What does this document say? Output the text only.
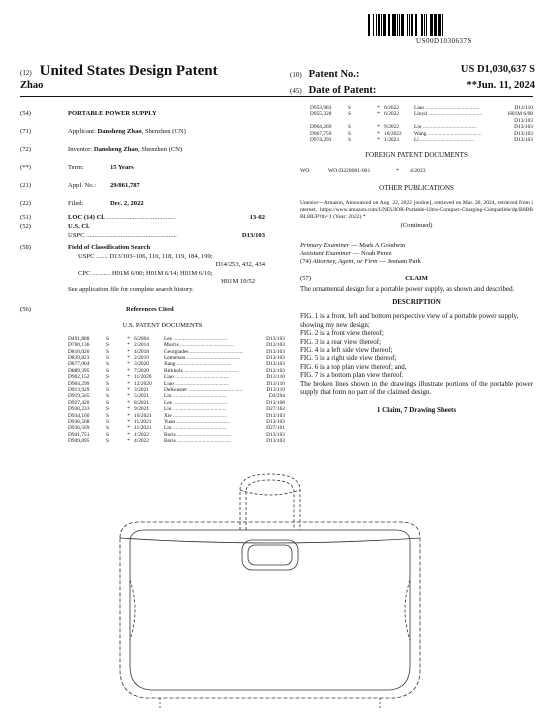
US00D1030637S
(12) United States Design Patent
Zhao
(10) Patent No.:	US D1,030,637 S
(45) Date of Patent:	** Jun. 11, 2024
(54)	PORTABLE POWER SUPPLY
(71)	Applicant: Dansheng Zhao, Shenzhen (CN)
(72)	Inventor: Dansheng Zhao, Shenzhen (CN)
(**)	Term:	15 Years
(21)	Appl. No.: 29/861,787
(22)	Filed:	Dec. 2, 2022
(51)	LOC (14) Cl. ..........................................	13-02
(52)	U.S. Cl.
USPC .......................................................	D13/103
(58)	Field of Classification Search
USPC ....... D13/103–106, 110, 118, 119, 184, 199;
D14/253, 432, 434
CPC ........... H01M 6/00; H01M 6/14; H01M 6/10;
H01M 10/52
See application file for complete search history.
(56)	References Cited
U.S. PATENT DOCUMENTS
D491,888	S	* 6/2004	Lee .....	D13/103
D700,136	S	* 2/2014	Morris .....	D13/103
D816,026	S	* 4/2018	Georgiades .....	D13/103
D839,823	S	* 2/2019	Lemelson .....	D13/103
D877,064	S	* 3/2020	Jiang .....	D13/103
D889,395	S	* 7/2020	Birkholz .....	D13/103
D902,152	S	* 11/2020	Liao .....	D13/110
D904,299	S	* 12/2020	Liao .....	D13/110
D913,929	S	* 3/2021	DeKeuster .....	D13/119
D919,565	S	* 5/2021	Liu .....	D3/294
D927,420	S	* 8/2021	Lee .....	D13/108
D930,233	S	* 9/2021	Liu .....	D27/162
D934,160	S	* 10/2021	Xie .....	D13/103
D936,568	S	* 11/2021	Yuan .....	D13/103
D936,569	S	* 11/2021	Liu .....	D27/101
D941,751	S	* 1/2022	Boris .....	D13/103
D949,095	S	* 4/2022	Boris .....	D13/103
D953,983	S	* 6/2022	Liao .....	D13/110
D955,328	S	* 6/2022	Lloyd .....	H01M 6/08
D13/103
D964,269	S	* 9/2022	Liu .....	D13/103
D967,759	S	* 10/2022	Wang .....	D13/103
D974,293	S	* 1/2023	Li .....	D13/103
FOREIGN PATENT DOCUMENTS
WO	WO-D228081-001	*	4/2023
OTHER PUBLICATIONS
Uneuior—Amazon, Announced on Aug. 22, 2022 [online], retrieved on Mar. 20, 2024, retrieved from internet, https://www.amazon.com/UNEUIOR-Portable-Ultra-Compact-Charging-Compatible/dp/B0BBBL8IUP?th=1 (Year: 2022).*
(Continued)
Primary Examiner — Mark A Goodwin
Assistant Examiner — Noah Perez
(74) Attorney, Agent, or Firm — Jeenam Park
(57)	CLAIM
The ornamental design for a portable power supply, as shown and described.
DESCRIPTION
FIG. 1 is a front, left and bottom perspective view of a portable power supply, showing my new design;
FIG. 2 is a front view thereof;
FIG. 3 is a rear view thereof;
FIG. 4 is a left side view thereof;
FIG. 5 is a right side view thereof;
FIG. 6 is a top plan view thereof; and,
FIG. 7 is a bottom plan view thereof.
The broken lines shown in the drawings illustrate portions of the portable power supply that form no part of the claimed design.
1 Claim, 7 Drawing Sheets
